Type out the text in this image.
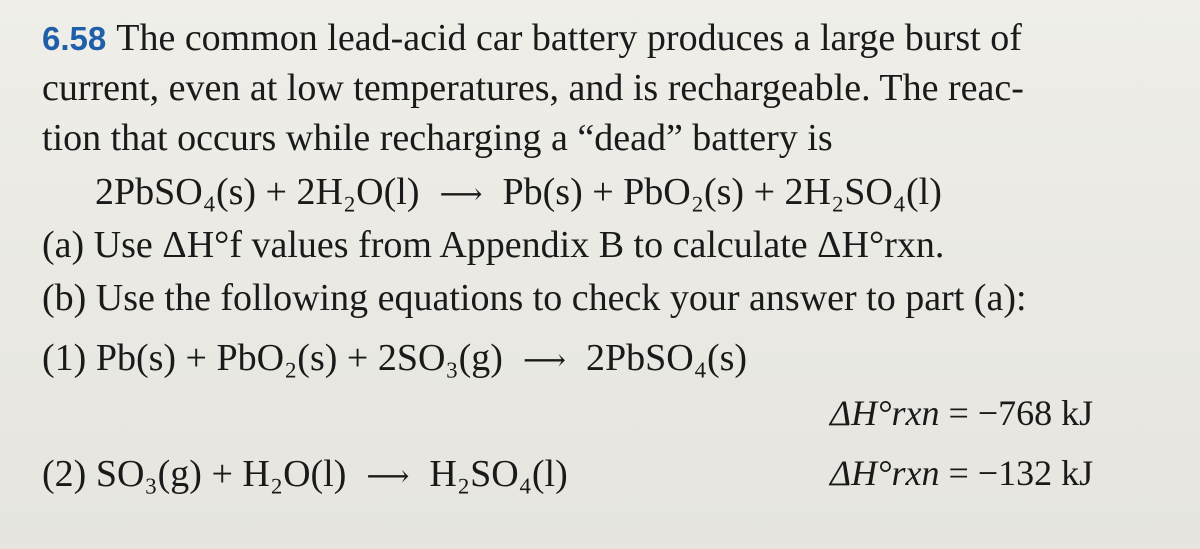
6.58 The common lead-acid car battery produces a large burst of
current, even at low temperatures, and is rechargeable. The reac-
tion that occurs while recharging a “dead” battery is
2PbSO₄(s) + 2H₂O(l) ⟶ Pb(s) + PbO₂(s) + 2H₂SO₄(l)
(a) Use ΔH°f values from Appendix B to calculate ΔH°rxn.
(b) Use the following equations to check your answer to part (a):
(1) Pb(s) + PbO₂(s) + 2SO₃(g) ⟶ 2PbSO₄(s)
ΔH°rxn = −768 kJ
(2) SO₃(g) + H₂O(l) ⟶ H₂SO₄(l)	ΔH°rxn = −132 kJ
